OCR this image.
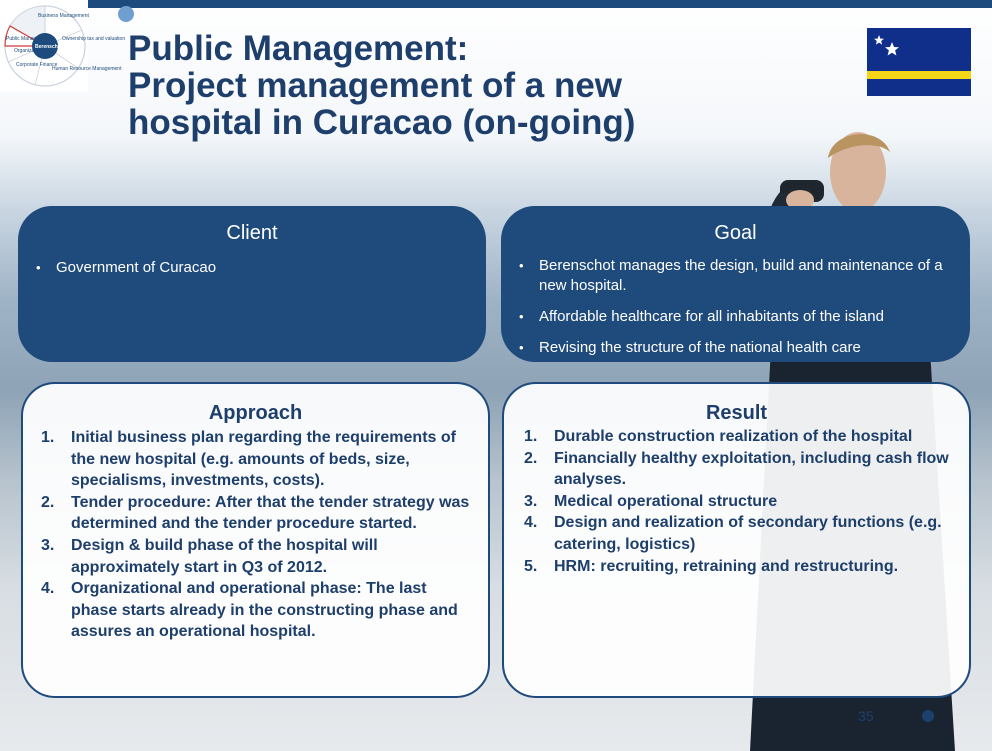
Business Management
Public Management
Corporate Finance
Human Resource Management
Ownership tax and valuation
Organization
Berenschot Group Public Management:
Project management of a new
hospital in Curacao (on-going)
Client
• Government of Curacao
Goal
• Berenschot manages the design, build and maintenance of a new hospital.
• Affordable healthcare for all inhabitants of the island
• Revising the structure of the national health care
Approach
1. Initial business plan regarding the requirements of the new hospital (e.g. amounts of beds, size, specialisms, investments, costs).
2. Tender procedure: After that the tender strategy was determined and the tender procedure started.
3. Design & build phase of the hospital will approximately start in Q3 of 2012.
4. Organizational and operational phase: The last phase starts already in the constructing phase and assures an operational hospital.
Result
1. Durable construction realization of the hospital
2. Financially healthy exploitation, including cash flow analyses.
3. Medical operational structure
4. Design and realization of secondary functions (e.g. catering, logistics)
5. HRM: recruiting, retraining and restructuring.
35
